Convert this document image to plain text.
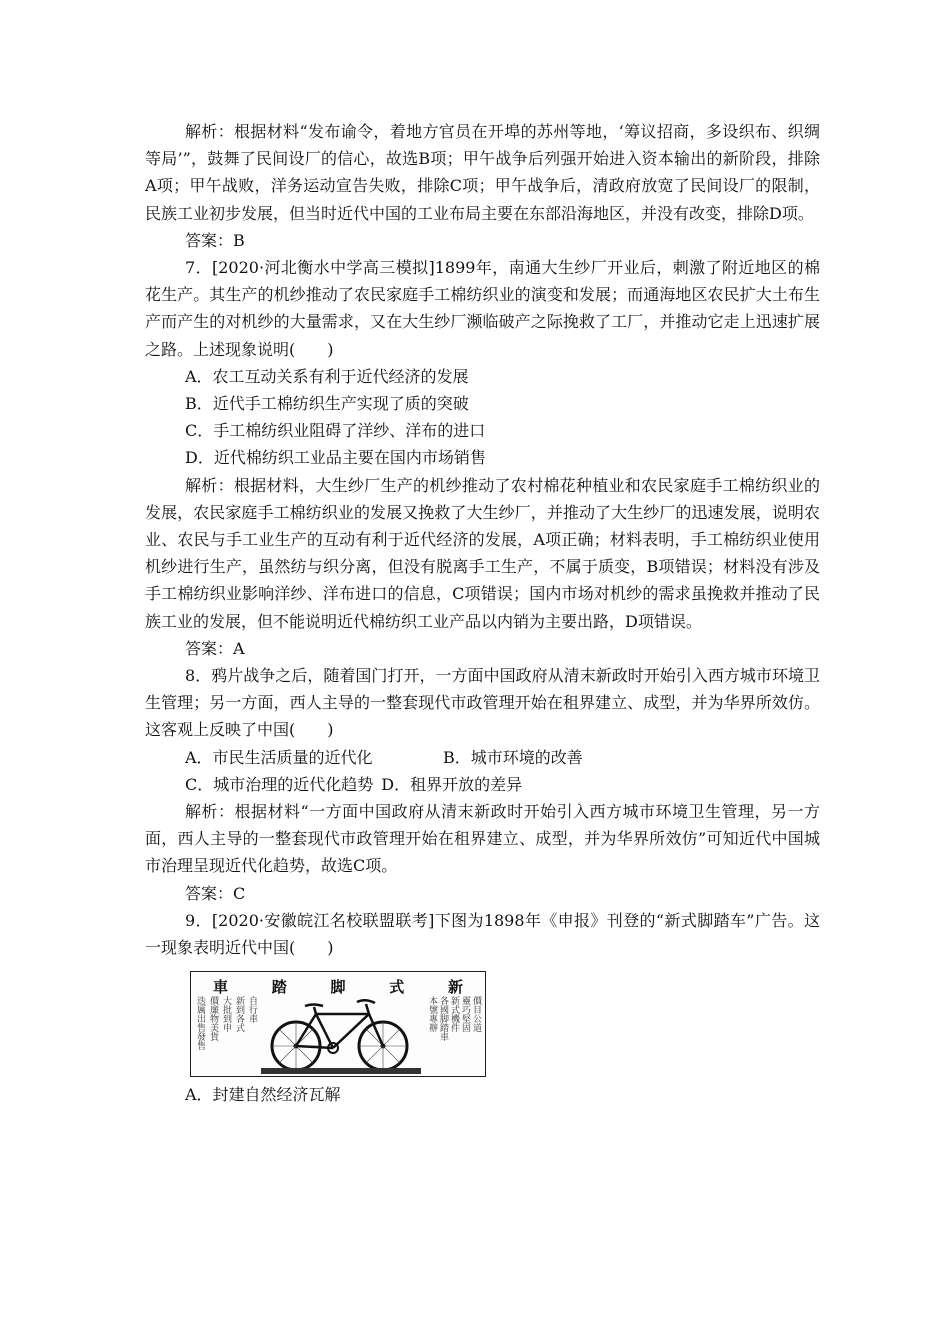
解析：根据材料“发布谕令，着地方官员在开埠的苏州等地，‘筹议招商，多设织布、织绸等局’”，鼓舞了民间设厂的信心，故选B项；甲午战争后列强开始进入资本输出的新阶段，排除A项；甲午战败，洋务运动宣告失败，排除C项；甲午战争后，清政府放宽了民间设厂的限制，民族工业初步发展，但当时近代中国的工业布局主要在东部沿海地区，并没有改变，排除D项。

答案：B

7．[2020·河北衡水中学高三模拟]1899年，南通大生纱厂开业后，刺激了附近地区的棉花生产。其生产的机纱推动了农民家庭手工棉纺织业的演变和发展；而通海地区农民扩大土布生产而产生的对机纱的大量需求，又在大生纱厂濒临破产之际挽救了工厂，并推动它走上迅速扩展之路。上述现象说明(　　)

A．农工互动关系有利于近代经济的发展

B．近代手工棉纺织生产实现了质的突破

C．手工棉纺织业阻碍了洋纱、洋布的进口

D．近代棉纺织工业品主要在国内市场销售

解析：根据材料，大生纱厂生产的机纱推动了农村棉花种植业和农民家庭手工棉纺织业的发展，农民家庭手工棉纺织业的发展又挽救了大生纱厂，并推动了大生纱厂的迅速发展，说明农业、农民与手工业生产的互动有利于近代经济的发展，A项正确；材料表明，手工棉纺织业使用机纱进行生产，虽然纺与织分离，但没有脱离手工生产，不属于质变，B项错误；材料没有涉及手工棉纺织业影响洋纱、洋布进口的信息，C项错误；国内市场对机纱的需求虽挽救并推动了民族工业的发展，但不能说明近代棉纺织工业产品以内销为主要出路，D项错误。

答案：A

8．鸦片战争之后，随着国门打开，一方面中国政府从清末新政时开始引入西方城市环境卫生管理；另一方面，西人主导的一整套现代市政管理开始在租界建立、成型，并为华界所效仿。这客观上反映了中国(　　)

A．市民生活质量的近代化	B．城市环境的改善
C．城市治理的近代化趋势 D．租界开放的差异

解析：根据材料“一方面中国政府从清末新政时开始引入西方城市环境卫生管理，另一方面，西人主导的一整套现代市政管理开始在租界建立、成型，并为华界所效仿”可知近代中国城市治理呈现近代化趋势，故选C项。

答案：C

9．[2020·安徽皖江名校联盟联考]下图为1898年《申报》刊登的“新式脚踏车”广告。这一现象表明近代中国(　　)

車	踏	脚	式	新
迭厲出售發售 價廉物美貨 大批到申 新到各式 自行車	本號專辦 各國脚踏車 新式機件 靈巧堅固 價目公道

A．封建自然经济瓦解
